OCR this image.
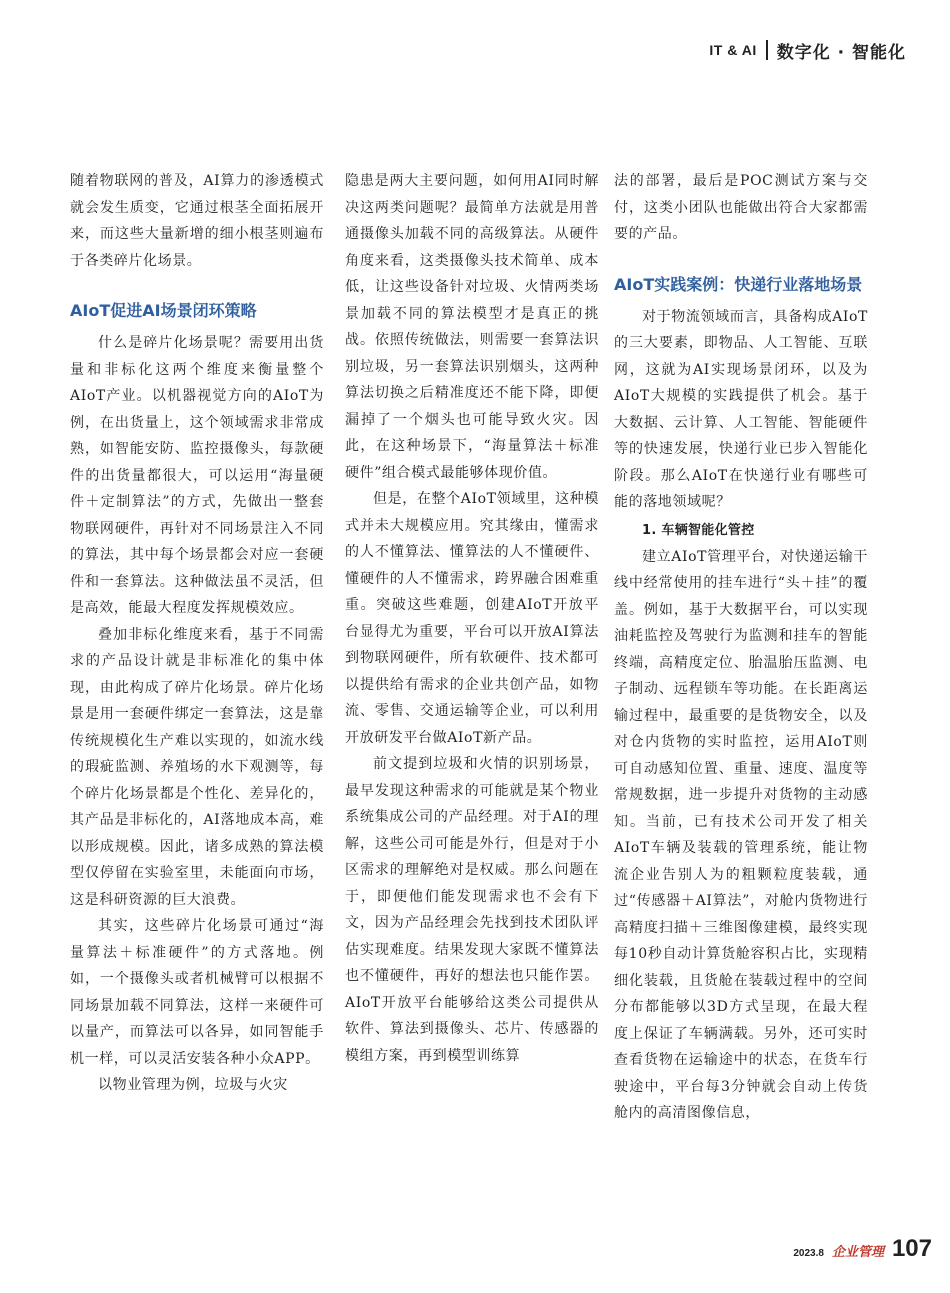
IT & AI 数字化 · 智能化

随着物联网的普及，AI算力的渗透模式就会发生质变，它通过根茎全面拓展开来，而这些大量新增的细小根茎则遍布于各类碎片化场景。

AIoT促进AI场景闭环策略

什么是碎片化场景呢？需要用出货量和非标化这两个维度来衡量整个AIoT产业。以机器视觉方向的AIoT为例，在出货量上，这个领域需求非常成熟，如智能安防、监控摄像头，每款硬件的出货量都很大，可以运用“海量硬件＋定制算法”的方式，先做出一整套物联网硬件，再针对不同场景注入不同的算法，其中每个场景都会对应一套硬件和一套算法。这种做法虽不灵活，但是高效，能最大程度发挥规模效应。

叠加非标化维度来看，基于不同需求的产品设计就是非标准化的集中体现，由此构成了碎片化场景。碎片化场景是用一套硬件绑定一套算法，这是靠传统规模化生产难以实现的，如流水线的瑕疵监测、养殖场的水下观测等，每个碎片化场景都是个性化、差异化的，其产品是非标化的，AI落地成本高，难以形成规模。因此，诸多成熟的算法模型仅停留在实验室里，未能面向市场，这是科研资源的巨大浪费。

其实，这些碎片化场景可通过“海量算法＋标准硬件”的方式落地。例如，一个摄像头或者机械臂可以根据不同场景加载不同算法，这样一来硬件可以量产，而算法可以各异，如同智能手机一样，可以灵活安装各种小众APP。

以物业管理为例，垃圾与火灾

隐患是两大主要问题，如何用AI同时解决这两类问题呢？最简单方法就是用普通摄像头加载不同的高级算法。从硬件角度来看，这类摄像头技术简单、成本低，让这些设备针对垃圾、火情两类场景加载不同的算法模型才是真正的挑战。依照传统做法，则需要一套算法识别垃圾，另一套算法识别烟头，这两种算法切换之后精准度还不能下降，即便漏掉了一个烟头也可能导致火灾。因此，在这种场景下，“海量算法＋标准硬件”组合模式最能够体现价值。

但是，在整个AIoT领域里，这种模式并未大规模应用。究其缘由，懂需求的人不懂算法、懂算法的人不懂硬件、懂硬件的人不懂需求，跨界融合困难重重。突破这些难题，创建AIoT开放平台显得尤为重要，平台可以开放AI算法到物联网硬件，所有软硬件、技术都可以提供给有需求的企业共创产品，如物流、零售、交通运输等企业，可以利用开放研发平台做AIoT新产品。

前文提到垃圾和火情的识别场景，最早发现这种需求的可能就是某个物业系统集成公司的产品经理。对于AI的理解，这些公司可能是外行，但是对于小区需求的理解绝对是权威。那么问题在于，即便他们能发现需求也不会有下文，因为产品经理会先找到技术团队评估实现难度。结果发现大家既不懂算法也不懂硬件，再好的想法也只能作罢。AIoT开放平台能够给这类公司提供从软件、算法到摄像头、芯片、传感器的模组方案，再到模型训练算

法的部署，最后是POC测试方案与交付，这类小团队也能做出符合大家都需要的产品。

AIoT实践案例：快递行业落地场景

对于物流领域而言，具备构成AIoT的三大要素，即物品、人工智能、互联网，这就为AI实现场景闭环，以及为AIoT大规模的实践提供了机会。基于大数据、云计算、人工智能、智能硬件等的快速发展，快递行业已步入智能化阶段。那么AIoT在快递行业有哪些可能的落地领域呢？

1. 车辆智能化管控

建立AIoT管理平台，对快递运输干线中经常使用的挂车进行“头＋挂”的覆盖。例如，基于大数据平台，可以实现油耗监控及驾驶行为监测和挂车的智能终端，高精度定位、胎温胎压监测、电子制动、远程锁车等功能。在长距离运输过程中，最重要的是货物安全，以及对仓内货物的实时监控，运用AIoT则可自动感知位置、重量、速度、温度等常规数据，进一步提升对货物的主动感知。当前，已有技术公司开发了相关AIoT车辆及装载的管理系统，能让物流企业告别人为的粗颗粒度装载，通过“传感器＋AI算法”，对舱内货物进行高精度扫描＋三维图像建模，最终实现每10秒自动计算货舱容积占比，实现精细化装载，且货舱在装载过程中的空间分布都能够以3D方式呈现，在最大程度上保证了车辆满载。另外，还可实时查看货物在运输途中的状态，在货车行驶途中，平台每3分钟就会自动上传货舱内的高清图像信息，

2023.8 企业管理 107
